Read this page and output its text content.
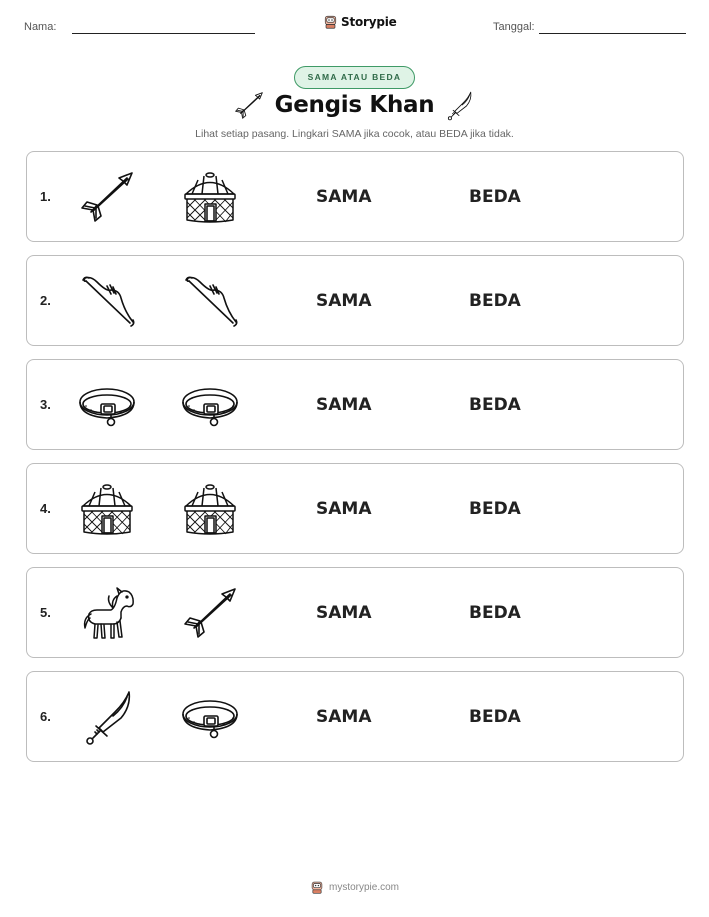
Nama:	Storypie	Tanggal:
SAMA ATAU BEDA
Gengis Khan
Lihat setiap pasang. Lingkari SAMA jika cocok, atau BEDA jika tidak.
1.	SAMA	BEDA
2.	SAMA	BEDA
3.	SAMA	BEDA
4.	SAMA	BEDA
5.	SAMA	BEDA
6.	SAMA	BEDA
mystorypie.com
